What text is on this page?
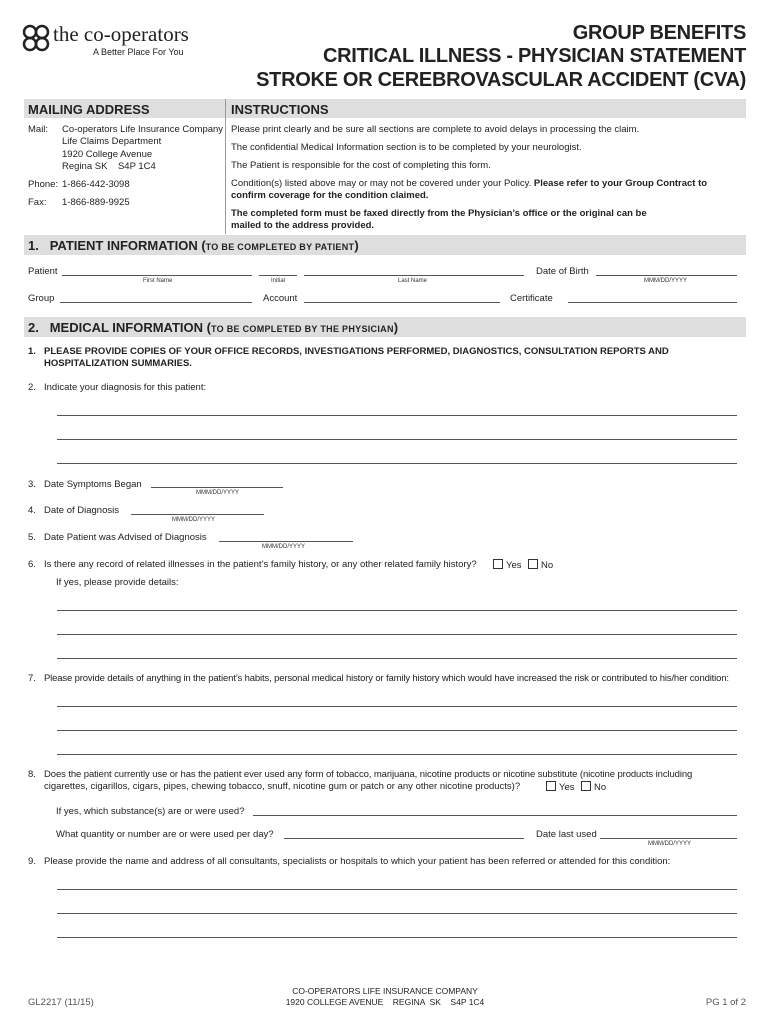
the co-operators
A Better Place For You
GROUP BENEFITS
CRITICAL ILLNESS - PHYSICIAN STATEMENT
STROKE OR CEREBROVASCULAR ACCIDENT (CVA)
MAILING ADDRESS	INSTRUCTIONS
Mail: Co-operators Life Insurance Company
Life Claims Department
1920 College Avenue
Regina SK    S4P 1C4
Phone: 1-866-442-3098
Fax: 1-866-889-9925
Please print clearly and be sure all sections are complete to avoid delays in processing the claim.
The confidential Medical Information section is to be completed by your neurologist.
The Patient is responsible for the cost of completing this form.
Condition(s) listed above may or may not be covered under your Policy. Please refer to your Group Contract to
confirm coverage for the condition claimed.
The completed form must be faxed directly from the Physician’s office or the original can be
mailed to the address provided.
1. PATIENT INFORMATION (TO BE COMPLETED BY PATIENT)
Patient
First Name	Initial	Last Name
Date of Birth
MMM/DD/YYYY
Group	Account	Certificate
2. MEDICAL INFORMATION (TO BE COMPLETED BY THE PHYSICIAN)
1. PLEASE PROVIDE COPIES OF YOUR OFFICE RECORDS, INVESTIGATIONS PERFORMED, DIAGNOSTICS, CONSULTATION REPORTS AND
HOSPITALIZATION SUMMARIES.
2. Indicate your diagnosis for this patient:
3. Date Symptoms Began
MMM/DD/YYYY
4. Date of Diagnosis
MMM/DD/YYYY
5. Date Patient was Advised of Diagnosis
MMM/DD/YYYY
6. Is there any record of related illnesses in the patient’s family history, or any other related family history?	Yes	No
If yes, please provide details:
7. Please provide details of anything in the patient’s habits, personal medical history or family history which would have increased the risk or contributed to his/her condition:
8. Does the patient currently use or has the patient ever used any form of tobacco, marijuana, nicotine products or nicotine substitute (nicotine products including
cigarettes, cigarillos, cigars, pipes, chewing tobacco, snuff, nicotine gum or patch or any other nicotine products)?	Yes	No
If yes, which substance(s) are or were used?
What quantity or number are or were used per day?	Date last used
MMM/DD/YYYY
9. Please provide the name and address of all consultants, specialists or hospitals to which your patient has been referred or attended for this condition:
CO-OPERATORS LIFE INSURANCE COMPANY
1920 COLLEGE AVENUE    REGINA  SK    S4P 1C4
GL2217 (11/15)	PG 1 of 2
